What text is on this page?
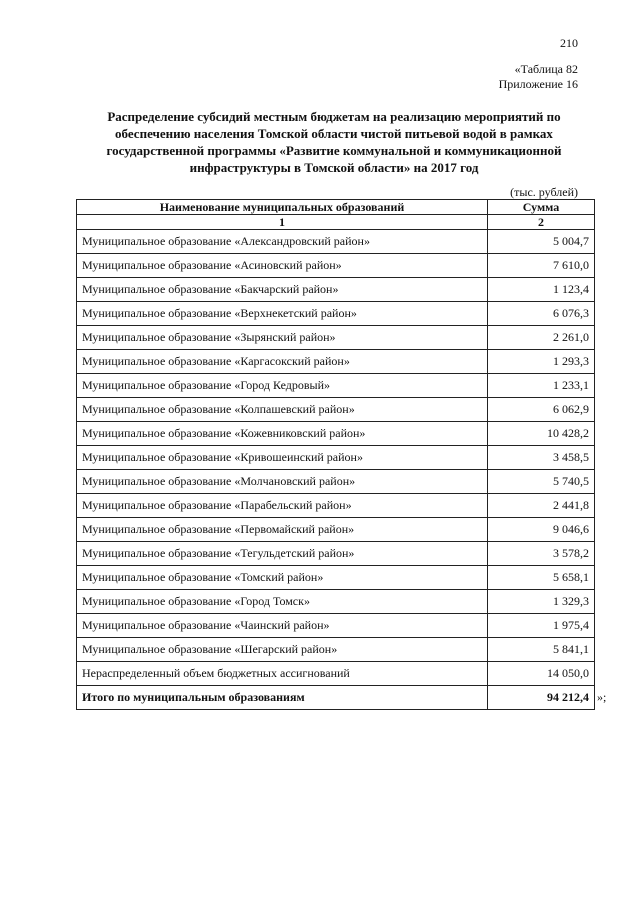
210
«Таблица 82
Приложение 16
Распределение субсидий местным бюджетам на реализацию мероприятий по обеспечению населения Томской области чистой питьевой водой в рамках государственной программы «Развитие коммунальной и коммуникационной инфраструктуры в Томской области» на 2017 год
(тыс. рублей)
Наименование муниципальных образований	Сумма
1	2
Муниципальное образование «Александровский район»	5 004,7
Муниципальное образование «Асиновский район»	7 610,0
Муниципальное образование «Бакчарский район»	1 123,4
Муниципальное образование «Верхнекетский район»	6 076,3
Муниципальное образование «Зырянский район»	2 261,0
Муниципальное образование «Каргасокский район»	1 293,3
Муниципальное образование «Город Кедровый»	1 233,1
Муниципальное образование «Колпашевский район»	6 062,9
Муниципальное образование «Кожевниковский район»	10 428,2
Муниципальное образование «Кривошеинский район»	3 458,5
Муниципальное образование «Молчановский район»	5 740,5
Муниципальное образование «Парабельский район»	2 441,8
Муниципальное образование «Первомайский район»	9 046,6
Муниципальное образование «Тегульдетский район»	3 578,2
Муниципальное образование «Томский район»	5 658,1
Муниципальное образование «Город Томск»	1 329,3
Муниципальное образование «Чаинский район»	1 975,4
Муниципальное образование «Шегарский район»	5 841,1
Нераспределенный объем бюджетных ассигнований	14 050,0
Итого по муниципальным образованиям	94 212,4 »;
